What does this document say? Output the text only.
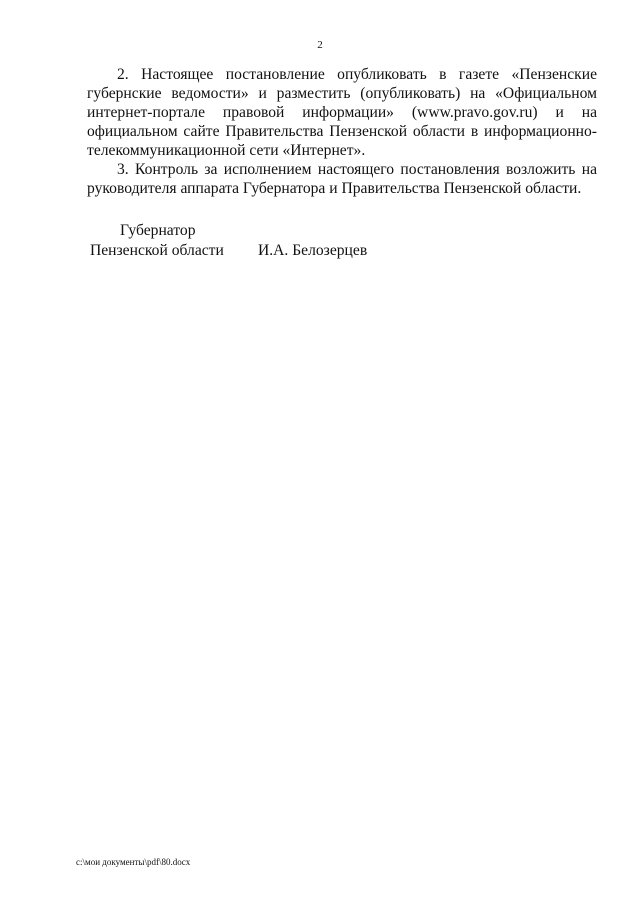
2

2. Настоящее постановление опубликовать в газете «Пензенские губернские ведомости» и разместить (опубликовать) на «Официальном интернет-портале правовой информации» (www.pravo.gov.ru) и на официальном сайте Правительства Пензенской области в информационно-телекоммуникационной сети «Интернет».

3. Контроль за исполнением настоящего постановления возложить на руководителя аппарата Губернатора и Правительства Пензенской области.

Губернатор
Пензенской области И.А. Белозерцев
c:\мои документы\pdf\80.docx
